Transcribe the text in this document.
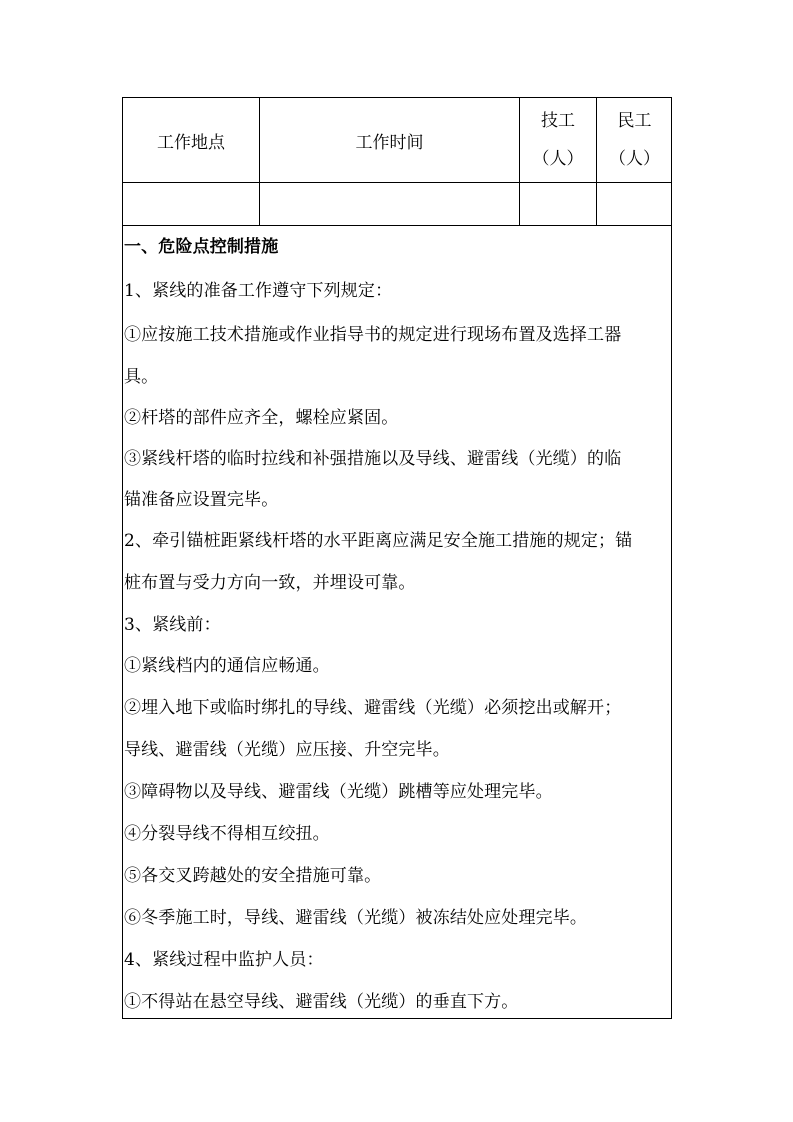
工作地点	工作时间
技工
（人）
民工
（人）
一、危险点控制措施
1、紧线的准备工作遵守下列规定：
①应按施工技术措施或作业指导书的规定进行现场布置及选择工器
具。
②杆塔的部件应齐全，螺栓应紧固。
③紧线杆塔的临时拉线和补强措施以及导线、避雷线（光缆）的临
锚准备应设置完毕。
2、牵引锚桩距紧线杆塔的水平距离应满足安全施工措施的规定；锚
桩布置与受力方向一致，并埋设可靠。
3、紧线前：
①紧线档内的通信应畅通。
②埋入地下或临时绑扎的导线、避雷线（光缆）必须挖出或解开；
导线、避雷线（光缆）应压接、升空完毕。
③障碍物以及导线、避雷线（光缆）跳槽等应处理完毕。
④分裂导线不得相互绞扭。
⑤各交叉跨越处的安全措施可靠。
⑥冬季施工时，导线、避雷线（光缆）被冻结处应处理完毕。
4、紧线过程中监护人员：
①不得站在悬空导线、避雷线（光缆）的垂直下方。
